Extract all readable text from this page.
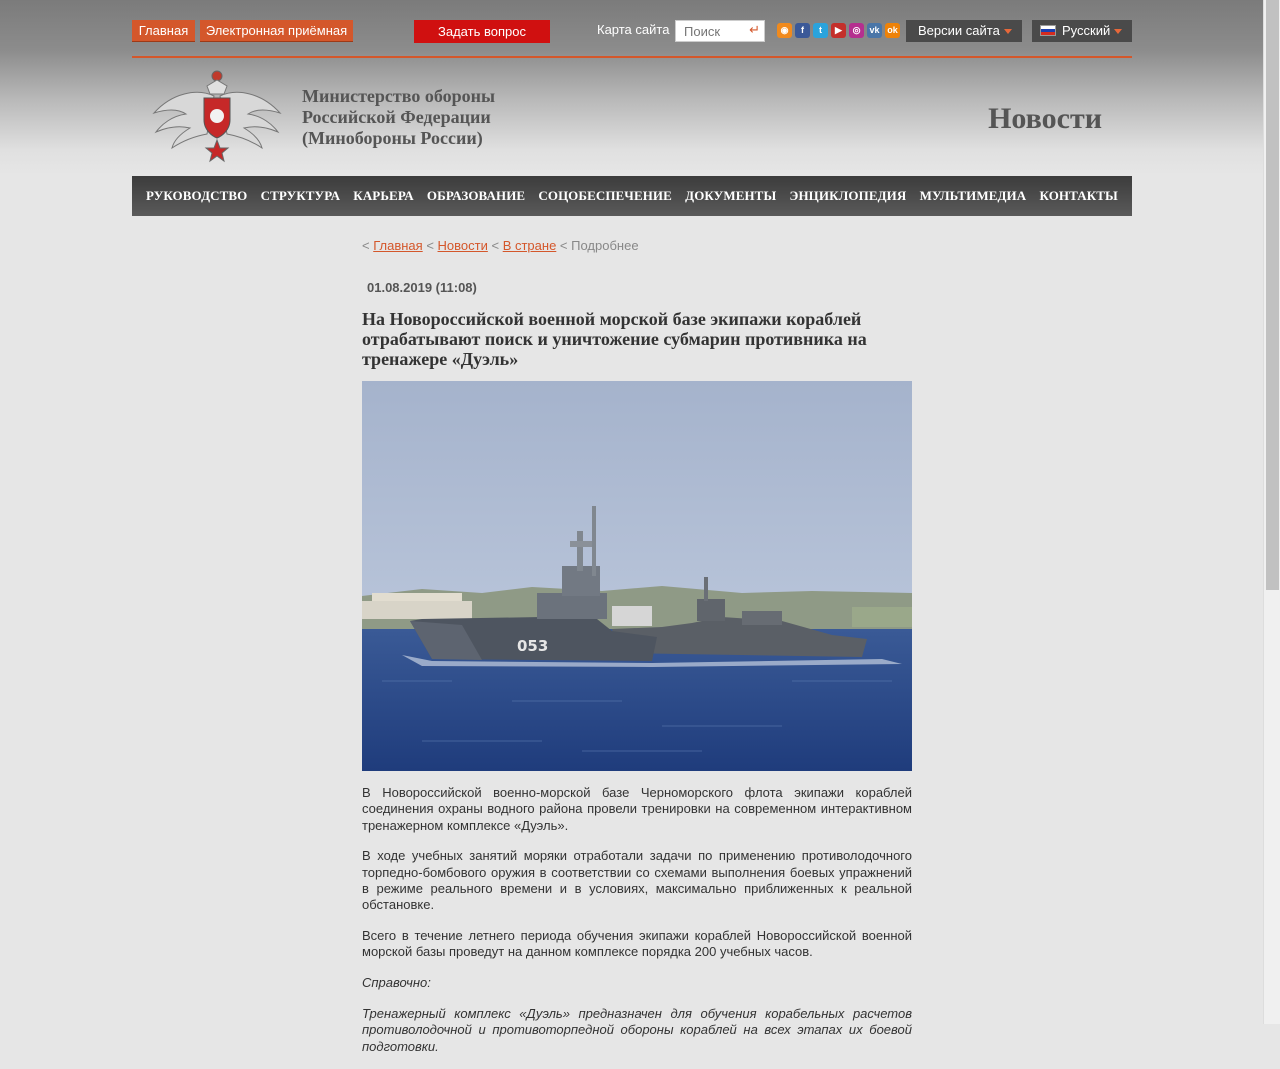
Главная	Электронная приёмная	Задать вопрос	Карта сайта
Поиск	↵	◉ f t ▶ ◎ vk ok	Версии сайта	Русский
Министерство обороны
Российской Федерации
(Минобороны России)
Новости
РУКОВОДСТВО СТРУКТУРА КАРЬЕРА ОБРАЗОВАНИЕ СОЦОБЕСПЕЧЕНИЕ ДОКУМЕНТЫ ЭНЦИКЛОПЕДИЯ МУЛЬТИМЕДИА КОНТАКТЫ
< Главная < Новости < В стране < Подробнее
01.08.2019 (11:08)
На Новороссийской военной морской базе экипажи кораблей отрабатывают поиск и уничтожение субмарин противника на тренажере «Дуэль»
053

В Новороссийской военно-морской базе Черноморского флота экипажи кораблей соединения охраны водного района провели тренировки на современном интерактивном тренажерном комплексе «Дуэль».

В ходе учебных занятий моряки отработали задачи по применению противолодочного торпедно-бомбового оружия в соответствии со схемами выполнения боевых упражнений в режиме реального времени и в условиях, максимально приближенных к реальной обстановке.

Всего в течение летнего периода обучения экипажи кораблей Новороссийской военной морской базы проведут на данном комплексе порядка 200 учебных часов.

Справочно:

Тренажерный комплекс «Дуэль» предназначен для обучения корабельных расчетов противолодочной и противоторпедной обороны кораблей на всех этапах их боевой подготовки.
